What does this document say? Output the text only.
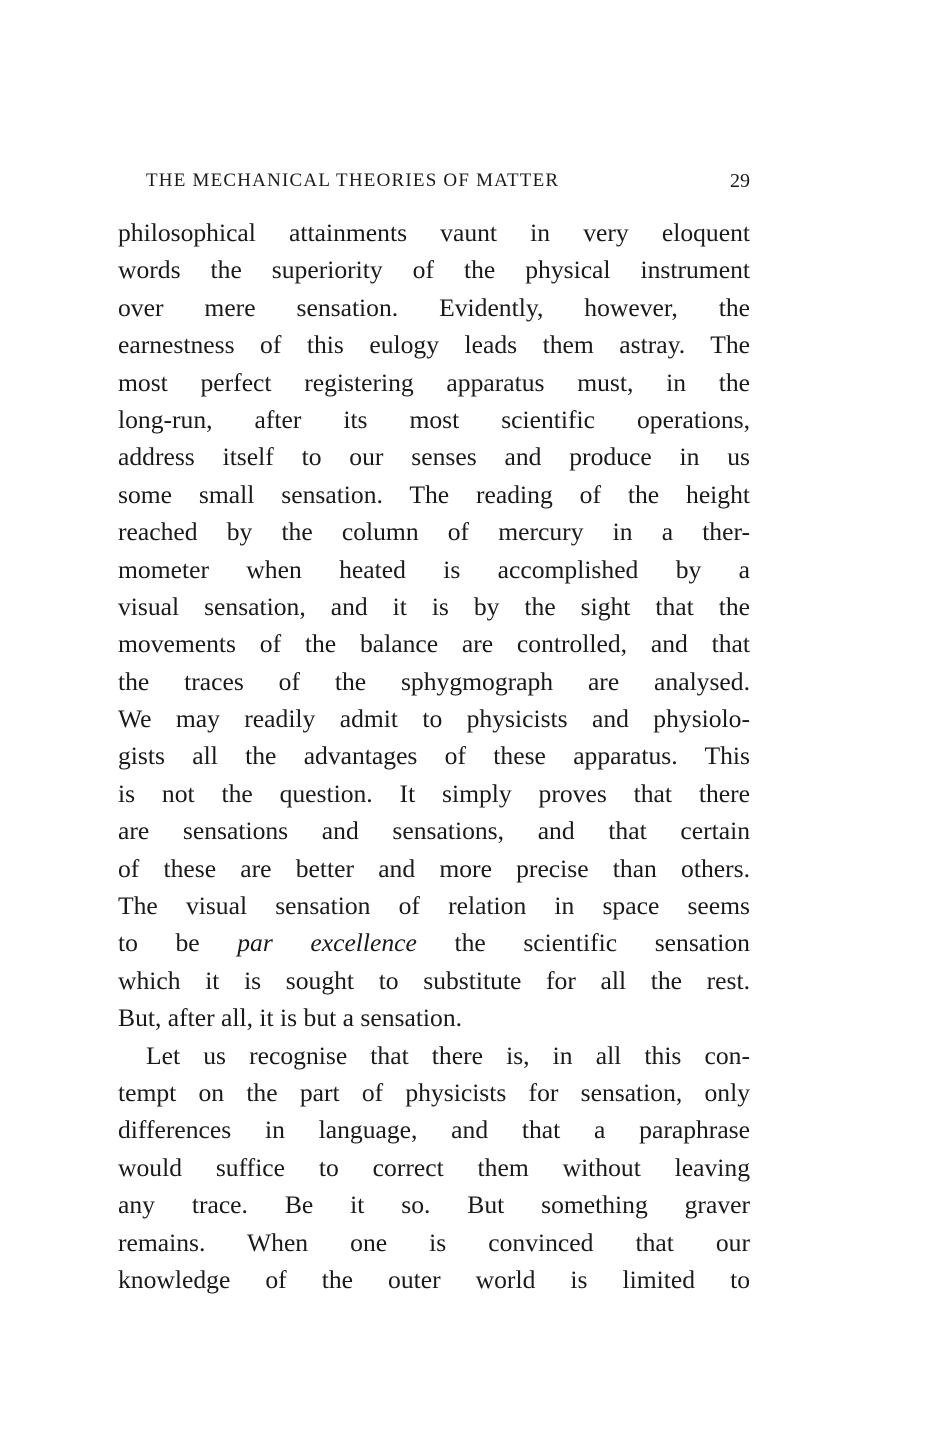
THE MECHANICAL THEORIES OF MATTER	29
philosophical attainments vaunt in very eloquent
words the superiority of the physical instrument
over mere sensation. Evidently, however, the
earnestness of this eulogy leads them astray. The
most perfect registering apparatus must, in the
long-run, after its most scientific operations,
address itself to our senses and produce in us
some small sensation. The reading of the height
reached by the column of mercury in a ther-
mometer when heated is accomplished by a
visual sensation, and it is by the sight that the
movements of the balance are controlled, and that
the traces of the sphygmograph are analysed.
We may readily admit to physicists and physiolo-
gists all the advantages of these apparatus. This
is not the question. It simply proves that there
are sensations and sensations, and that certain
of these are better and more precise than others.
The visual sensation of relation in space seems
to be par excellence the scientific sensation
which it is sought to substitute for all the rest.
But, after all, it is but a sensation.
Let us recognise that there is, in all this con-
tempt on the part of physicists for sensation, only
differences in language, and that a paraphrase
would suffice to correct them without leaving
any trace. Be it so. But something graver
remains. When one is convinced that our
knowledge of the outer world is limited to
